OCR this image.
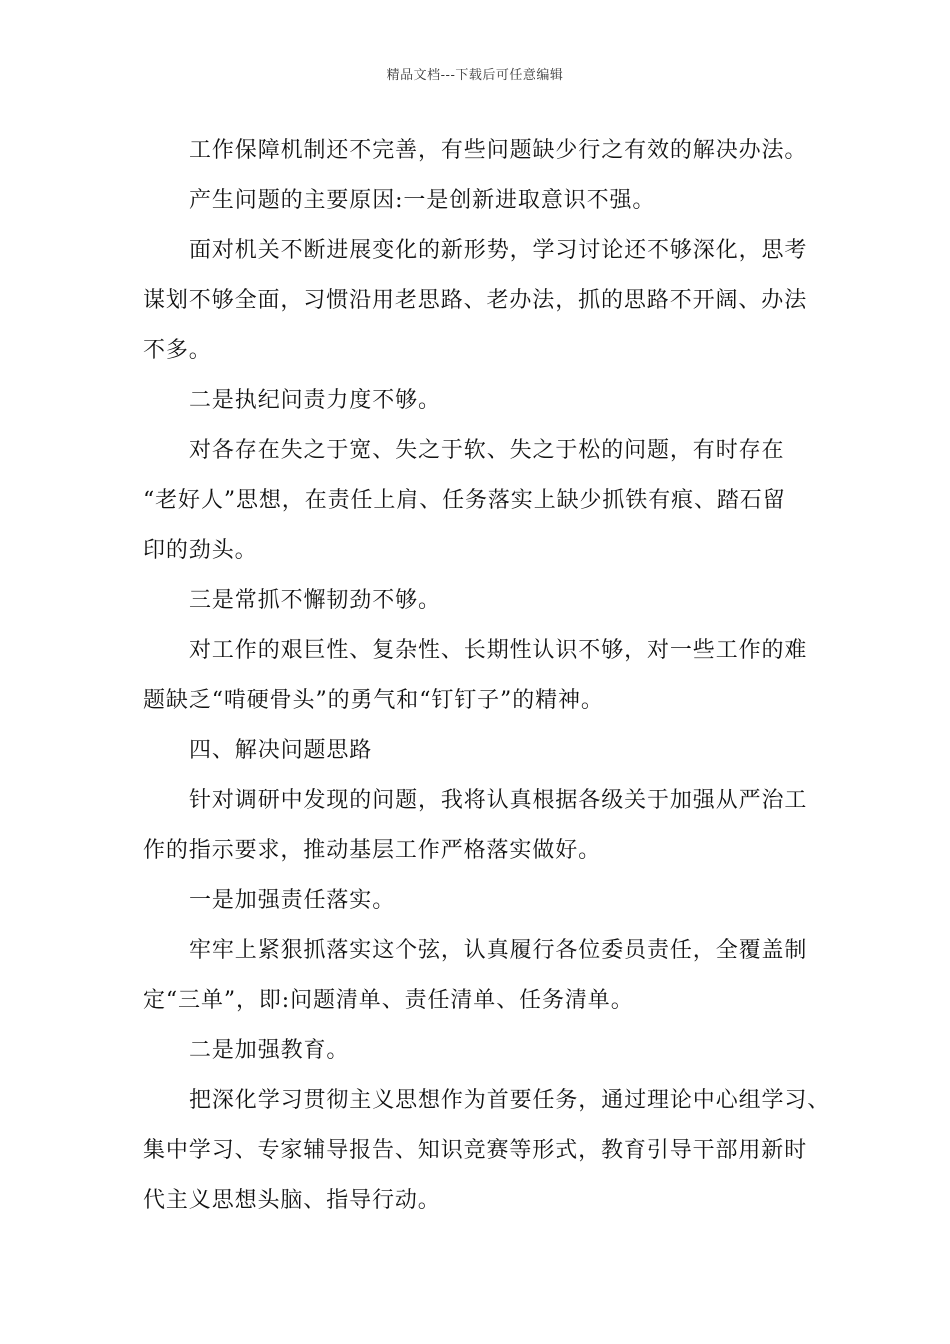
精品文档---下载后可任意编辑
工作保障机制还不完善，有些问题缺少行之有效的解决办法。
产生问题的主要原因:一是创新进取意识不强。
面对机关不断进展变化的新形势，学习讨论还不够深化，思考
谋划不够全面，习惯沿用老思路、老办法，抓的思路不开阔、办法
不多。
二是执纪问责力度不够。
对各存在失之于宽、失之于软、失之于松的问题，有时存在
“老好人”思想，在责任上肩、任务落实上缺少抓铁有痕、踏石留
印的劲头。
三是常抓不懈韧劲不够。
对工作的艰巨性、复杂性、长期性认识不够，对一些工作的难
题缺乏“啃硬骨头”的勇气和“钉钉子”的精神。
四、解决问题思路
针对调研中发现的问题，我将认真根据各级关于加强从严治工
作的指示要求，推动基层工作严格落实做好。
一是加强责任落实。
牢牢上紧狠抓落实这个弦，认真履行各位委员责任，全覆盖制
定“三单”，即:问题清单、责任清单、任务清单。
二是加强教育。
把深化学习贯彻主义思想作为首要任务，通过理论中心组学习、
集中学习、专家辅导报告、知识竞赛等形式，教育引导干部用新时
代主义思想头脑、指导行动。
